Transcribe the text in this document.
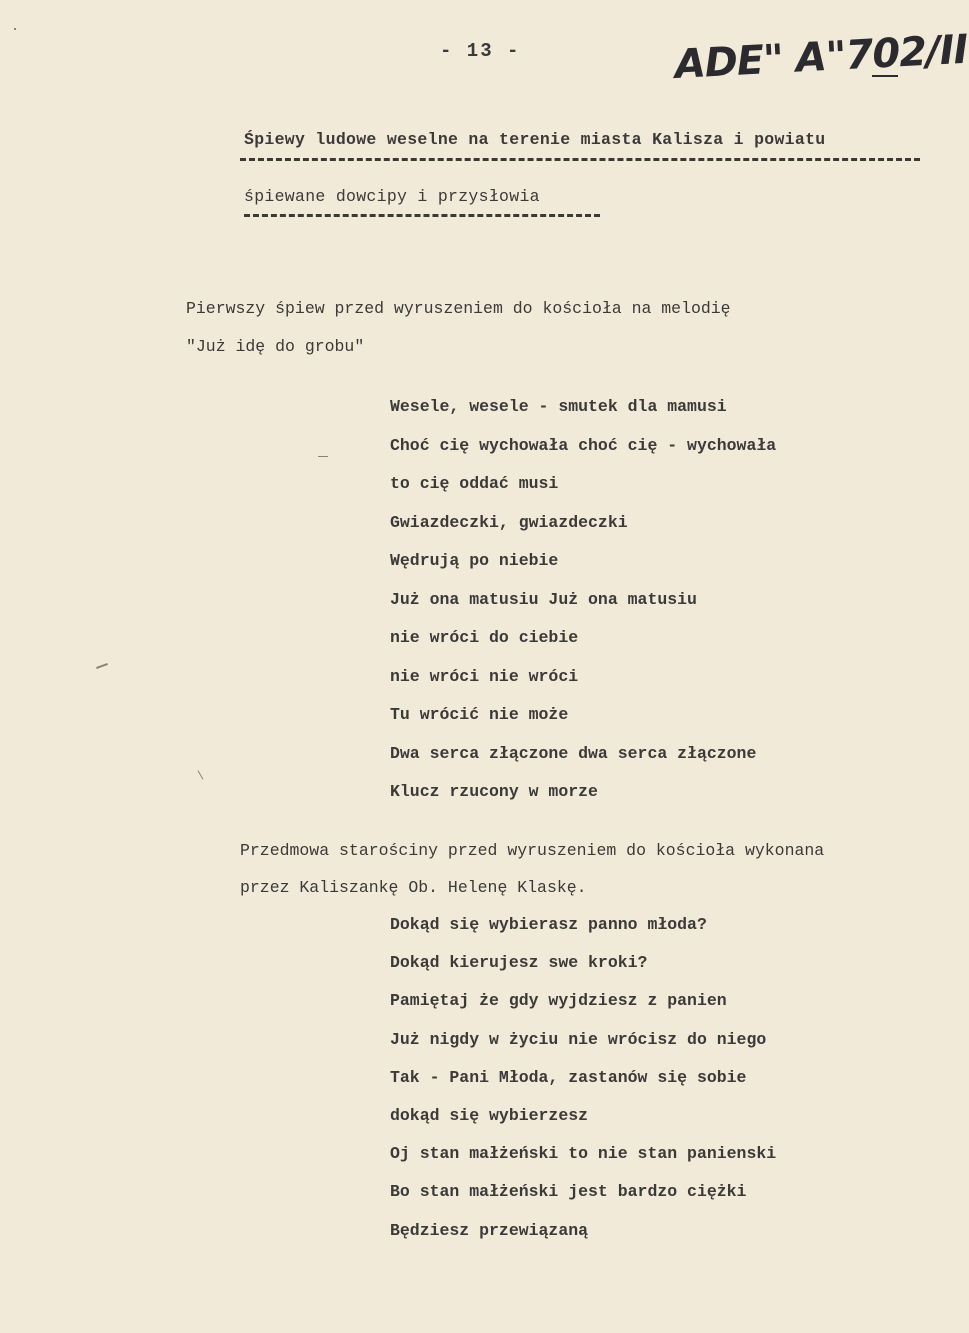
- 13 -	ADE" A"702/II
Śpiewy ludowe weselne na terenie miasta Kalisza i powiatu
śpiewane dowcipy i przysłowia
Pierwszy śpiew przed wyruszeniem do kościoła na melodię
"Już idę do grobu"
Wesele, wesele - smutek dla mamusi
Choć cię wychowała choć cię - wychowała
to cię oddać musi
Gwiazdeczki, gwiazdeczki
Wędrują po niebie
Już ona matusiu Już ona matusiu
nie wróci do ciebie
nie wróci nie wróci
Tu wrócić nie może
Dwa serca złączone dwa serca złączone
Klucz rzucony w morze
Przedmowa starościny przed wyruszeniem do kościoła wykonana
przez Kaliszankę Ob. Helenę Klaskę.
Dokąd się wybierasz panno młoda?
Dokąd kierujesz swe kroki?
Pamiętaj że gdy wyjdziesz z panien
Już nigdy w życiu nie wrócisz do niego
Tak - Pani Młoda, zastanów się sobie
dokąd się wybierzesz
Oj stan małżeński to nie stan panienski
Bo stan małżeński jest bardzo ciężki
Będziesz przewiązaną
